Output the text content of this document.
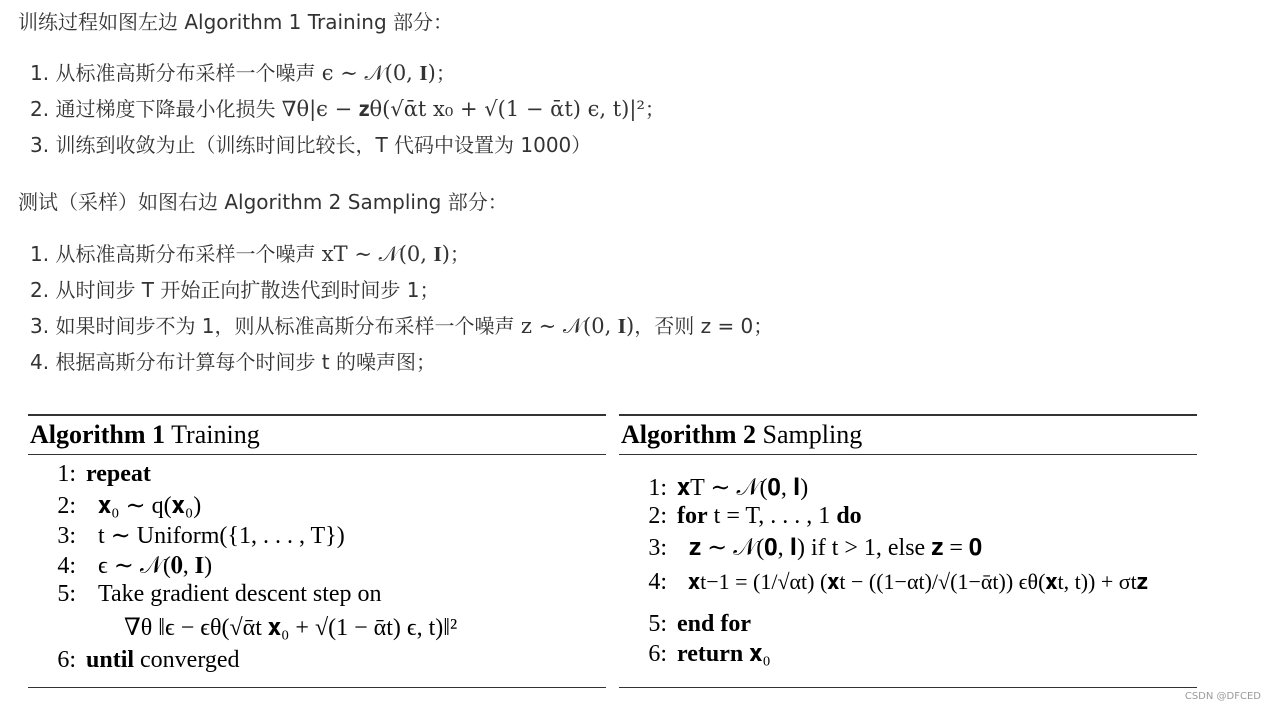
训练过程如图左边 Algorithm 1 Training 部分：
1. 从标准高斯分布采样一个噪声 ϵ ∼ 𝒩(0, 𝐈)；
2. 通过梯度下降最小化损失 ∇θ|ϵ − 𝐳θ(√ᾱt x₀ + √(1 − ᾱt) ϵ, t)|²；
3. 训练到收敛为止（训练时间比较长，T 代码中设置为 1000）
测试（采样）如图右边 Algorithm 2 Sampling 部分：
1. 从标准高斯分布采样一个噪声 xT ∼ 𝒩(0, 𝐈)；
2. 从时间步 T 开始正向扩散迭代到时间步 1；
3. 如果时间步不为 1，则从标准高斯分布采样一个噪声 z ∼ 𝒩(0, 𝐈)，否则 z = 0；
4. 根据高斯分布计算每个时间步 t 的噪声图；
Algorithm 1 Training
1: repeat
2: 𝐱₀ ∼ q(𝐱₀)
3: t ∼ Uniform({1, . . . , T})
4: ϵ ∼ 𝒩(𝟎, 𝐈)
5: Take gradient descent step on
∇θ ‖ϵ − ϵθ(√ᾱt 𝐱₀ + √(1 − ᾱt) ϵ, t)‖²
6: until converged
Algorithm 2 Sampling
1: 𝐱T ∼ 𝒩(𝟎, 𝐈)
2: for t = T, . . . , 1 do
3: 𝐳 ∼ 𝒩(𝟎, 𝐈) if t > 1, else 𝐳 = 𝟎
4: 𝐱t−1 = (1/√αt) (𝐱t − ((1−αt)/√(1−ᾱt)) ϵθ(𝐱t, t)) + σt𝐳
5: end for
6: return 𝐱₀
CSDN @DFCED
